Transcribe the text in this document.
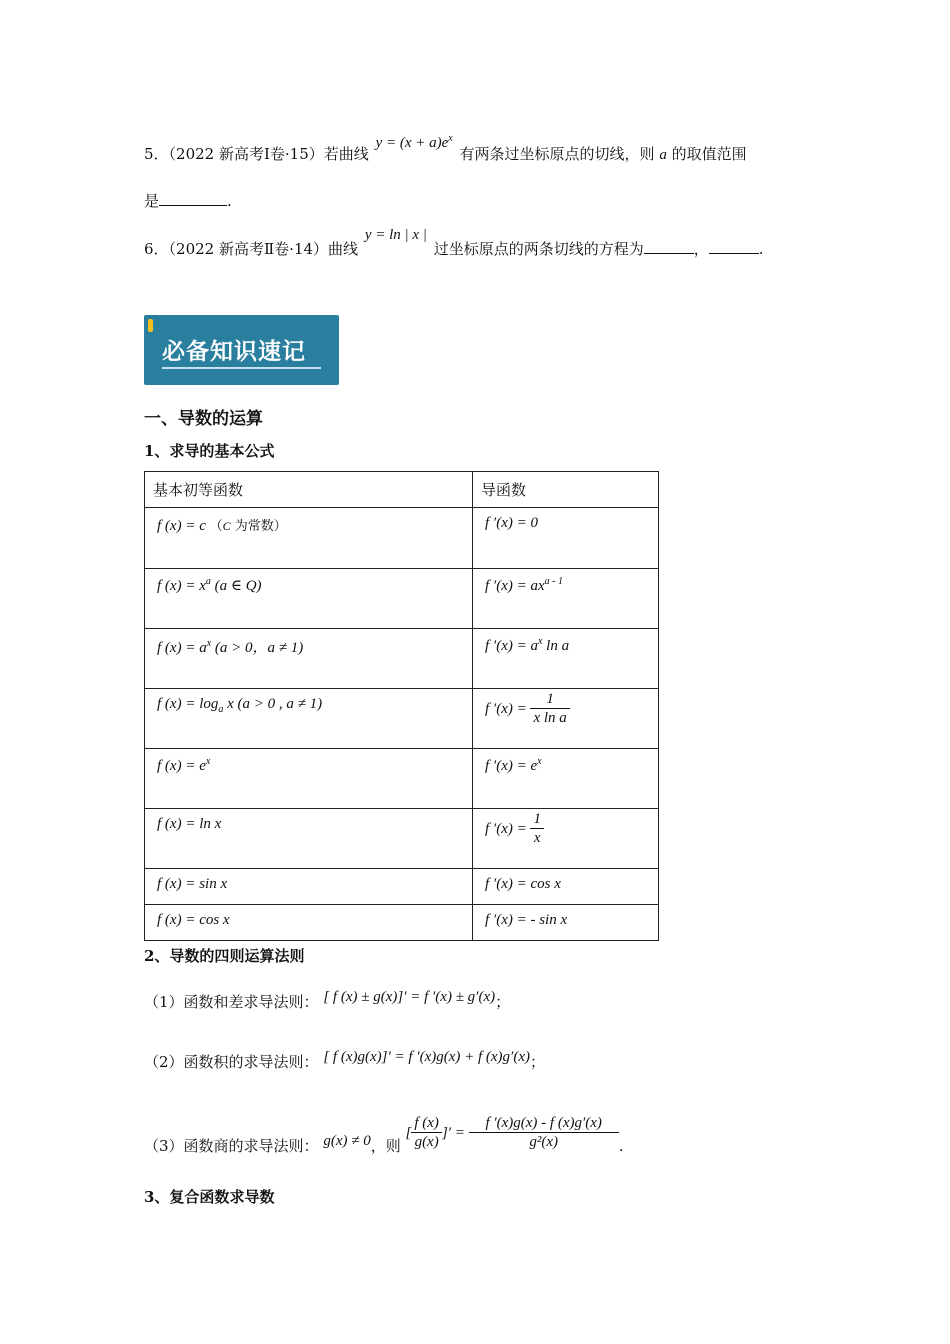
5．（2022 新高考Ⅰ卷·15）若曲线 $y = (x + a)e^x$ 有两条过坐标原点的切线，则 a 的取值范围
是	.
6．（2022 新高考Ⅱ卷·14）曲线 y = ln | x | 过坐标原点的两条切线的方程为	，	.
必备知识速记
一、导数的运算
1、求导的基本公式
基本初等函数	导函数
f (x) = c （C 为常数）	f ′(x) = 0
f $(x) = x^a$ (a ∈ Q)	f $'(x) = ax^{a - 1}$
f $(x) = a^x$ (a > 0，a ≠ 1)	f $'(x) = a^x$ ln a
f $(x) = \log_a x$ (a > 0 , a ≠ 1)	f $'(x) = \frac{1}{\text{x ln a}}$

f $(x) = e^x$	f $'(x) = e^x$
f (x) = ln x	f $'(x) = \frac{1}{x}$

f (x) = sin x	f ′(x) = cos x
f (x) = cos x	f ′(x) = - sin x
2、导数的四则运算法则
（1）函数和差求导法则： [ f (x) ± g(x)]′ = f ′(x) ± g′(x)；
（2）函数积的求导法则： [ f (x)g(x)]′ = f ′(x)g(x) + f (x)g′(x)；
（3）函数商的求导法则： g(x) ≠ 0，则 [ $\frac{f (x)}{g(x)}$ ]′ = $\frac{f '(x)g(x) - f (x)g'(x)}{\text{g²(x)}}$ .
3、复合函数求导数
